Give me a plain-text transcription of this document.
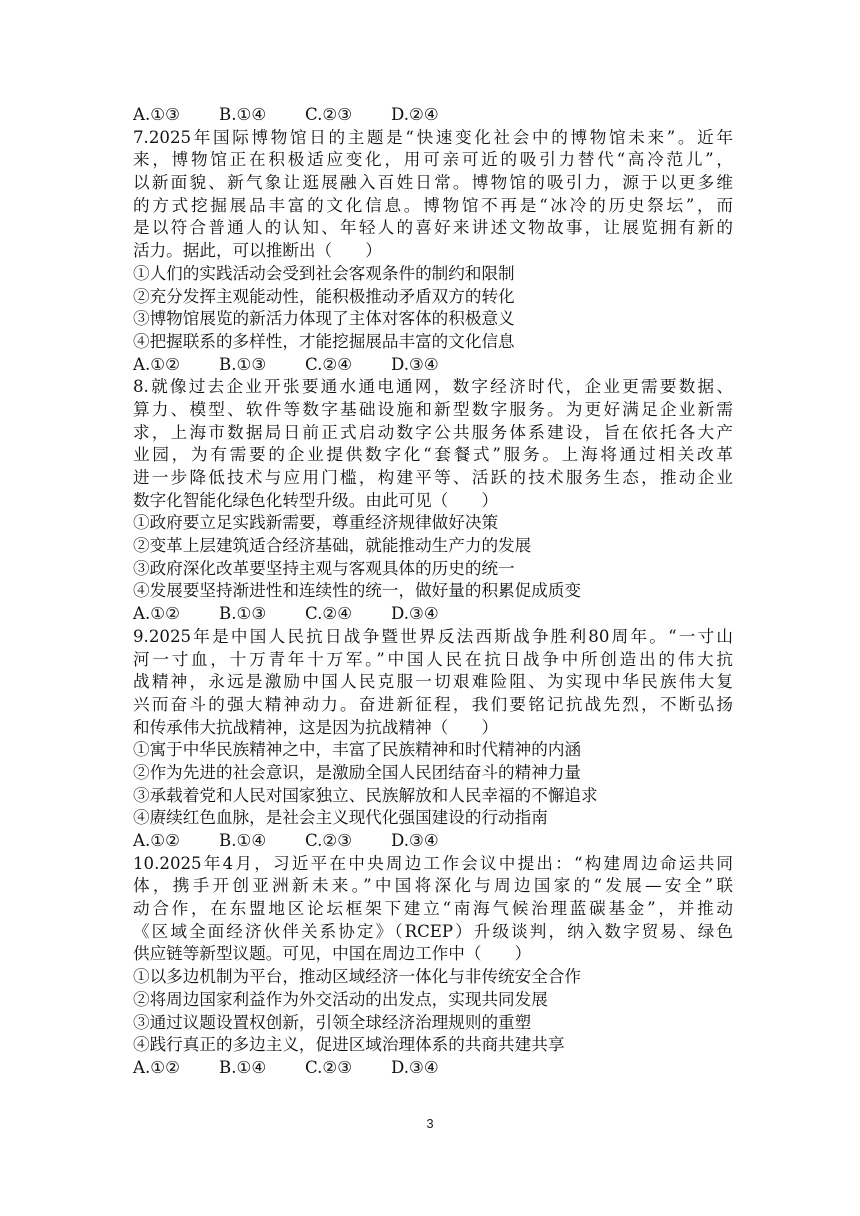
A.①③	B.①④	C.②③	D.②④
7.2025年国际博物馆日的主题是“快速变化社会中的博物馆未来”。近年
来，博物馆正在积极适应变化，用可亲可近的吸引力替代“高冷范儿”，
以新面貌、新气象让逛展融入百姓日常。博物馆的吸引力，源于以更多维
的方式挖掘展品丰富的文化信息。博物馆不再是“冰冷的历史祭坛”，而
是以符合普通人的认知、年轻人的喜好来讲述文物故事，让展览拥有新的
活力。据此，可以推断出（　　）
①人们的实践活动会受到社会客观条件的制约和限制
②充分发挥主观能动性，能积极推动矛盾双方的转化
③博物馆展览的新活力体现了主体对客体的积极意义
④把握联系的多样性，才能挖掘展品丰富的文化信息
A.①②	B.①③	C.②④	D.③④
8.就像过去企业开张要通水通电通网，数字经济时代，企业更需要数据、
算力、模型、软件等数字基础设施和新型数字服务。为更好满足企业新需
求，上海市数据局日前正式启动数字公共服务体系建设，旨在依托各大产
业园，为有需要的企业提供数字化“套餐式”服务。上海将通过相关改革
进一步降低技术与应用门槛，构建平等、活跃的技术服务生态，推动企业
数字化智能化绿色化转型升级。由此可见（　　）
①政府要立足实践新需要，尊重经济规律做好决策
②变革上层建筑适合经济基础，就能推动生产力的发展
③政府深化改革要坚持主观与客观具体的历史的统一
④发展要坚持渐进性和连续性的统一，做好量的积累促成质变
A.①②	B.①③	C.②④	D.③④
9.2025年是中国人民抗日战争暨世界反法西斯战争胜利80周年。“一寸山
河一寸血，十万青年十万军。”中国人民在抗日战争中所创造出的伟大抗
战精神，永远是激励中国人民克服一切艰难险阻、为实现中华民族伟大复
兴而奋斗的强大精神动力。奋进新征程，我们要铭记抗战先烈，不断弘扬
和传承伟大抗战精神，这是因为抗战精神（　　）
①寓于中华民族精神之中，丰富了民族精神和时代精神的内涵
②作为先进的社会意识，是激励全国人民团结奋斗的精神力量
③承载着党和人民对国家独立、民族解放和人民幸福的不懈追求
④赓续红色血脉，是社会主义现代化强国建设的行动指南
A.①②	B.①④	C.②③	D.③④
10.2025年4月，习近平在中央周边工作会议中提出：“构建周边命运共同
体，携手开创亚洲新未来。”中国将深化与周边国家的“发展—安全”联
动合作，在东盟地区论坛框架下建立“南海气候治理蓝碳基金”，并推动
《区域全面经济伙伴关系协定》（RCEP）升级谈判，纳入数字贸易、绿色
供应链等新型议题。可见，中国在周边工作中（　　）
①以多边机制为平台，推动区域经济一体化与非传统安全合作
②将周边国家利益作为外交活动的出发点，实现共同发展
③通过议题设置权创新，引领全球经济治理规则的重塑
④践行真正的多边主义，促进区域治理体系的共商共建共享
A.①②	B.①④	C.②③	D.③④
3
